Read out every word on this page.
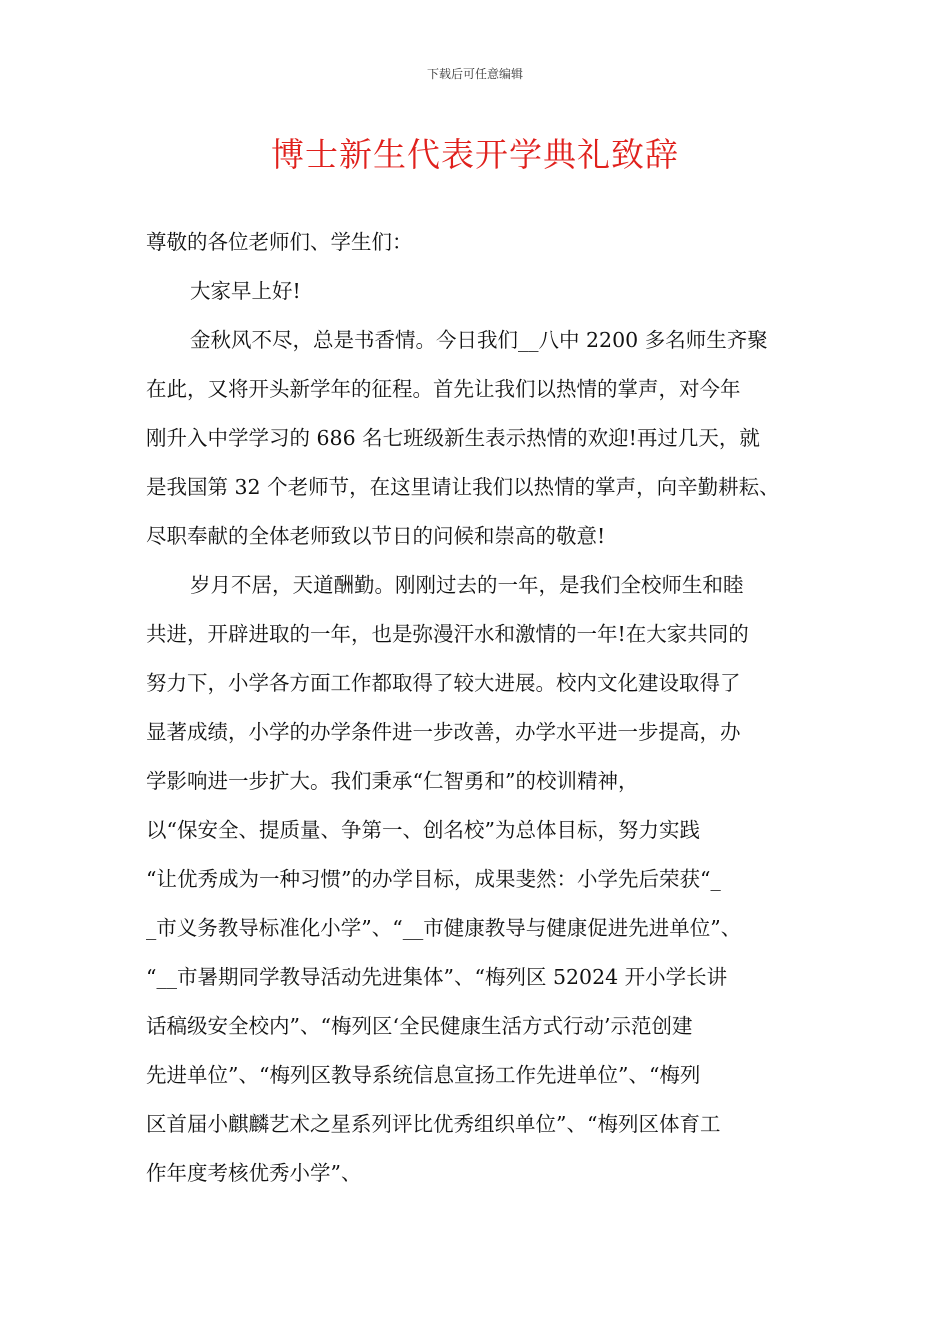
下载后可任意编辑
博士新生代表开学典礼致辞
尊敬的各位老师们、学生们：
大家早上好!
金秋风不尽，总是书香情。今日我们__八中 2200 多名师生齐聚
在此，又将开头新学年的征程。首先让我们以热情的掌声，对今年
刚升入中学学习的 686 名七班级新生表示热情的欢迎!再过几天，就
是我国第 32 个老师节，在这里请让我们以热情的掌声，向辛勤耕耘、
尽职奉献的全体老师致以节日的问候和崇高的敬意!
岁月不居，天道酬勤。刚刚过去的一年，是我们全校师生和睦
共进，开辟进取的一年，也是弥漫汗水和激情的一年!在大家共同的
努力下，小学各方面工作都取得了较大进展。校内文化建设取得了
显著成绩，小学的办学条件进一步改善，办学水平进一步提高，办
学影响进一步扩大。我们秉承“仁智勇和”的校训精神，
以“保安全、提质量、争第一、创名校”为总体目标，努力实践
“让优秀成为一种习惯”的办学目标，成果斐然：小学先后荣获“_
_市义务教导标准化小学”、“__市健康教导与健康促进先进单位”、
“__市暑期同学教导活动先进集体”、“梅列区 52024 开小学长讲
话稿级安全校内”、“梅列区‘全民健康生活方式行动’示范创建
先进单位”、“梅列区教导系统信息宣扬工作先进单位”、“梅列
区首届小麒麟艺术之星系列评比优秀组织单位”、“梅列区体育工
作年度考核优秀小学”、
